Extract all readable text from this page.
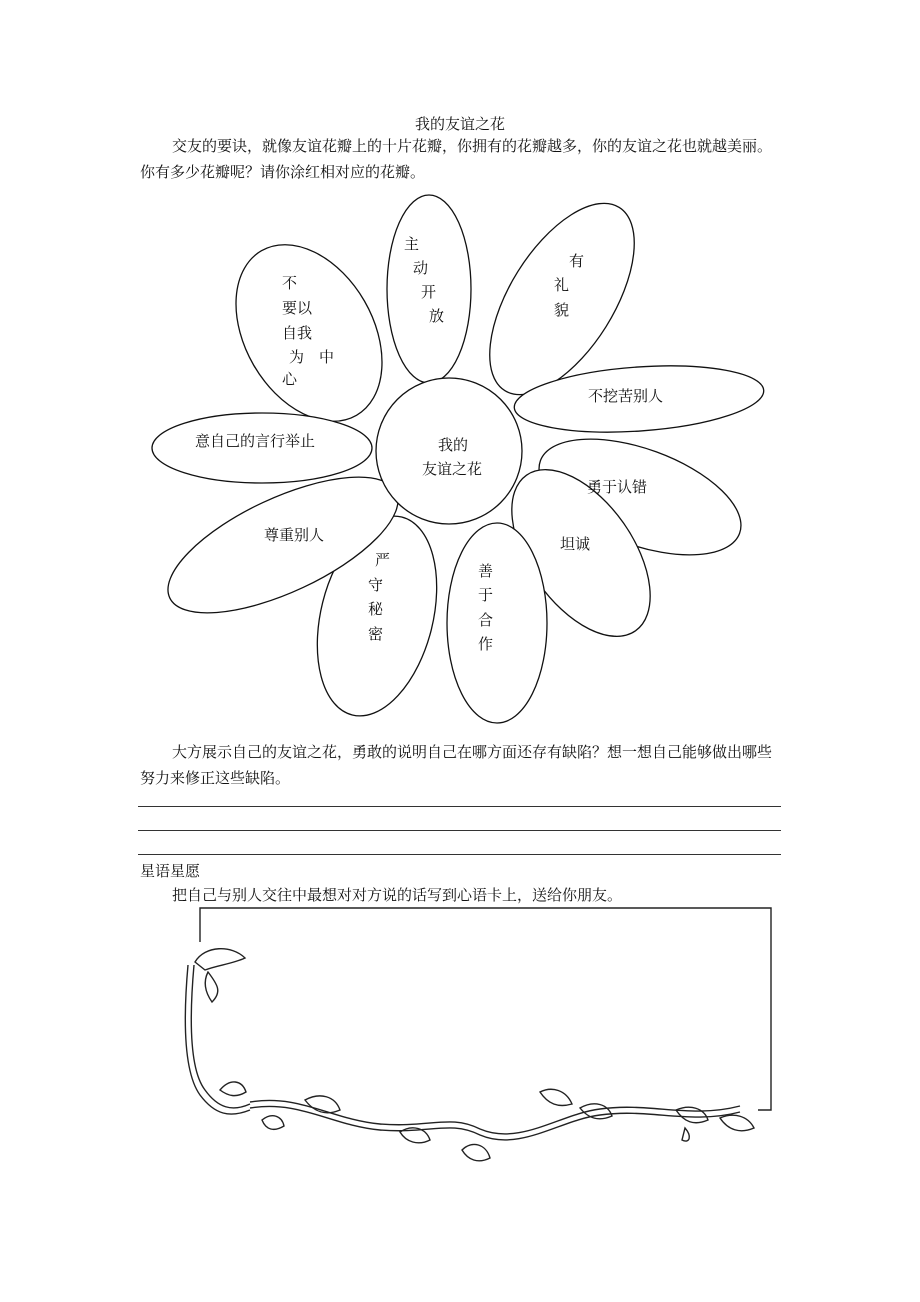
我的友谊之花
交友的要诀，就像友谊花瓣上的十片花瓣，你拥有的花瓣越多，你的友谊之花也就越美丽。你有多少花瓣呢？请你涂红相对应的花瓣。
我的
友谊之花
不
要以
自我
为　中
心
主
动
开
放
有
礼
貌
不挖苦别人
勇于认错
坦诚
善
于
合
作
严
守
秘
密
尊重别人
意自己的言行举止
大方展示自己的友谊之花，勇敢的说明自己在哪方面还存有缺陷？想一想自己能够做出哪些努力来修正这些缺陷。
星语星愿
把自己与别人交往中最想对对方说的话写到心语卡上，送给你朋友。
